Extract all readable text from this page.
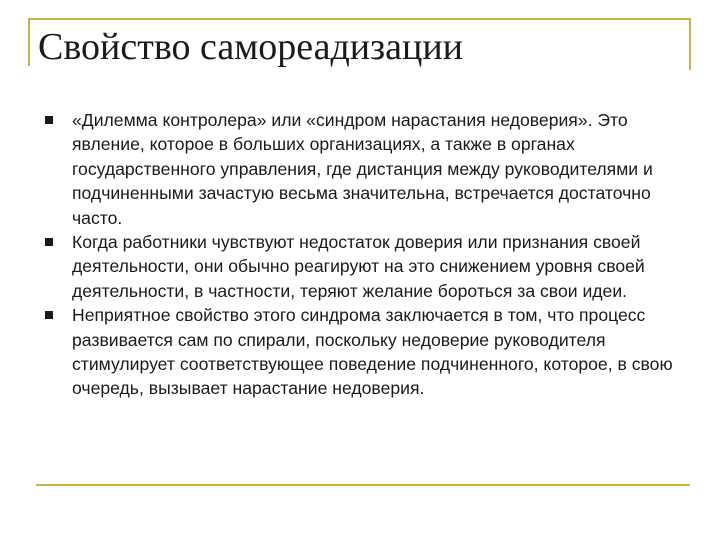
Свойство самореадизации
«Дилемма контролера» или «синдром нарастания недоверия». Это явление, которое в больших организациях, а также в органах государственного управления, где дистанция между руководителями и подчиненными зачастую весьма значительна, встречается достаточно часто.
Когда работники чувствуют недостаток доверия или признания своей деятельности, они обычно реагируют на это снижением уровня своей деятельности, в частности, теряют желание бороться за свои идеи.
Неприятное свойство этого синдрома заключается в том, что процесс развивается сам по спирали, поскольку недоверие руководителя стимулирует соответствующее поведение подчиненного, которое, в свою очередь, вызывает нарастание недоверия.
